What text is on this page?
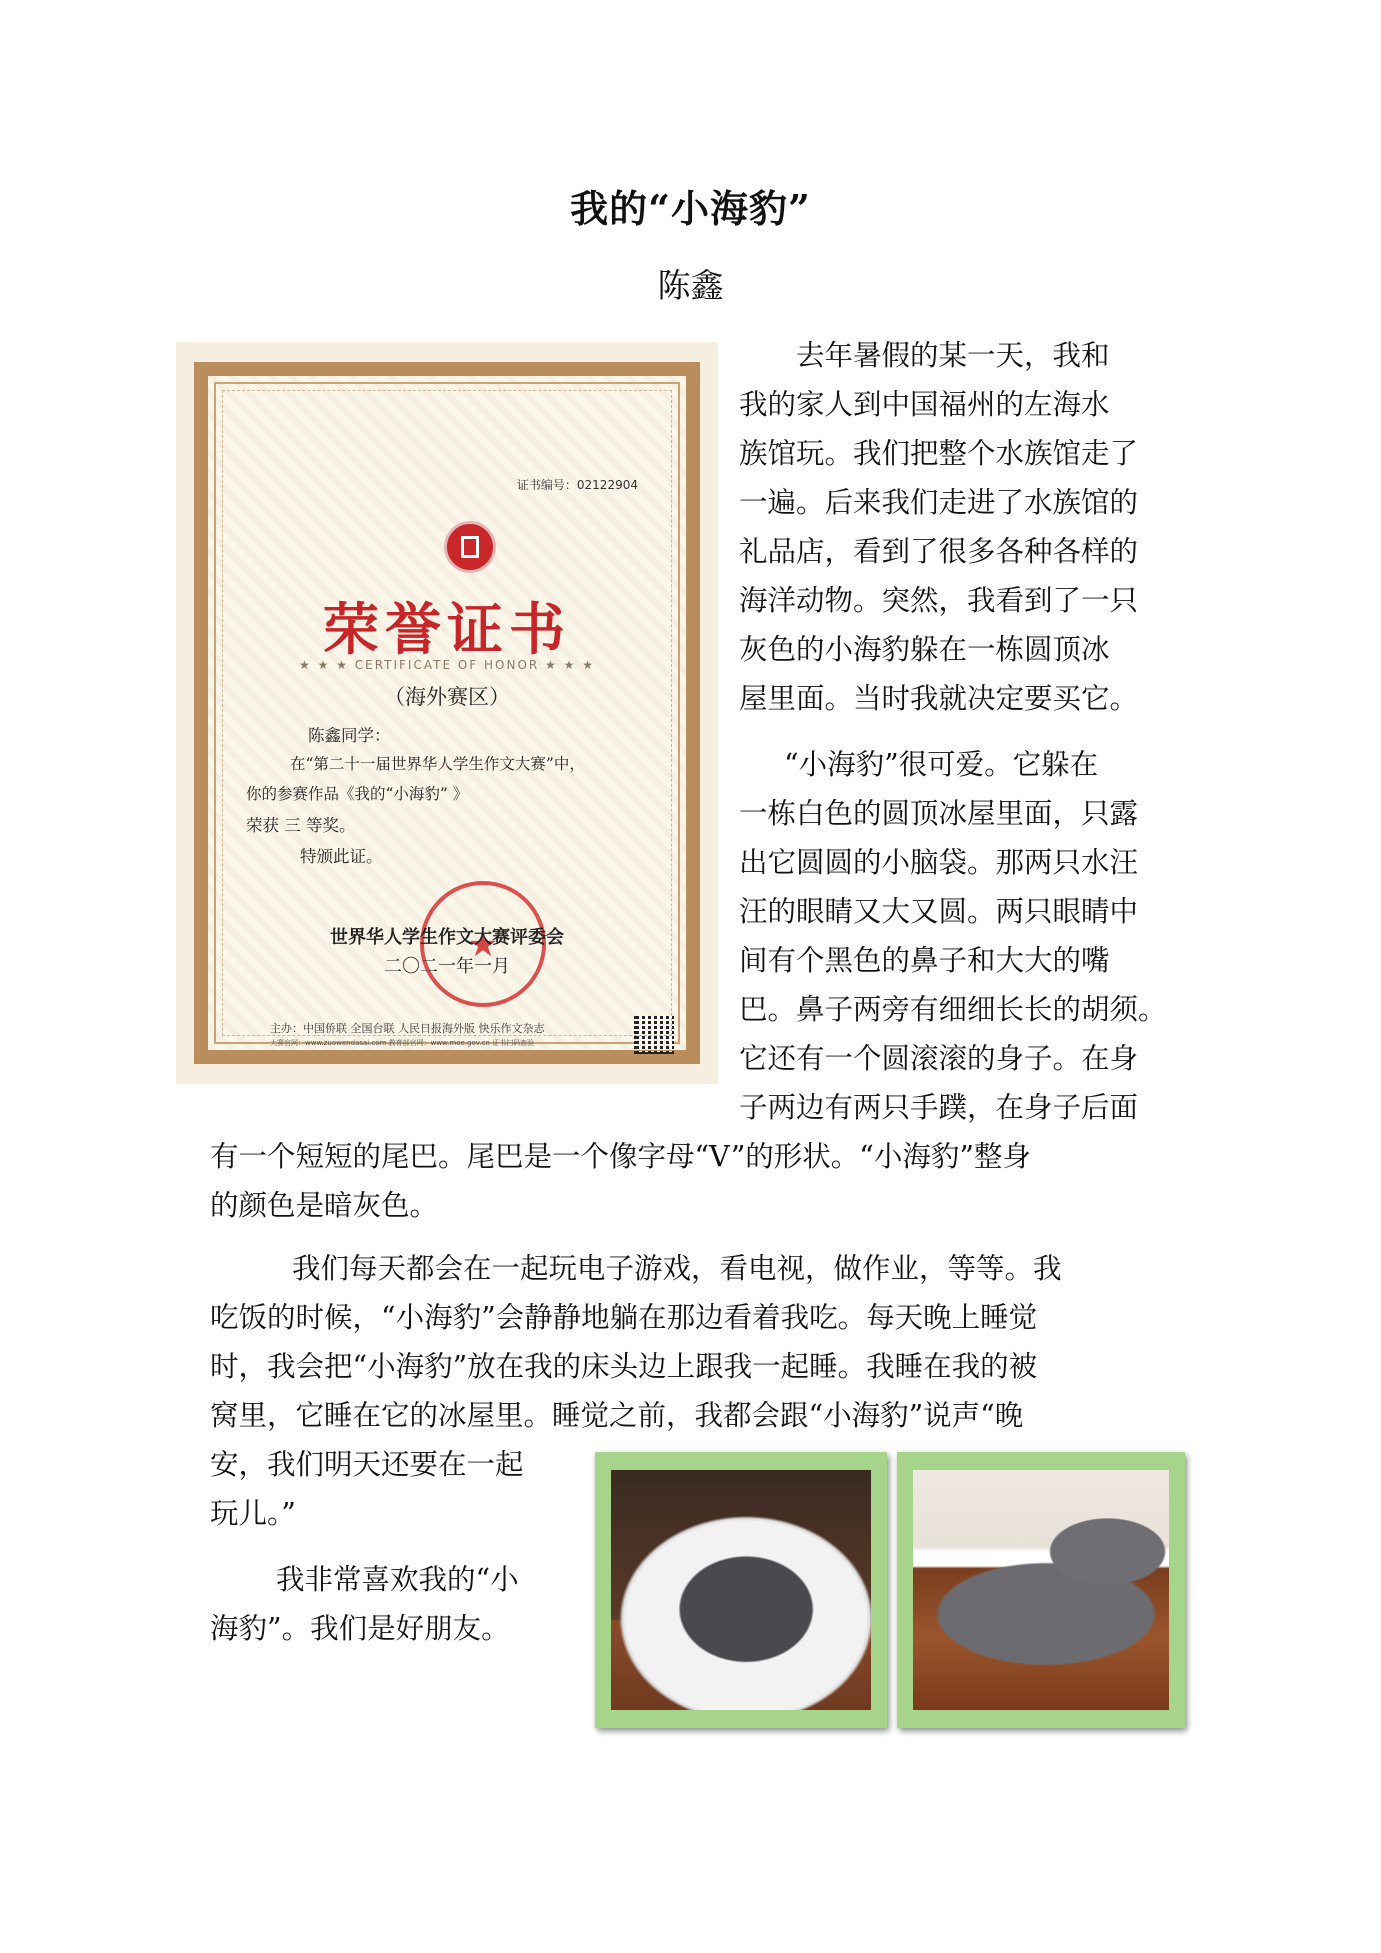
我的“小海豹”
陈鑫
证书编号：02122904
荣誉证书
★ ★ ★ CERTIFICATE OF HONOR ★ ★ ★
（海外赛区）
陈鑫同学：
在“第二十一届世界华人学生作文大赛”中，
你的参赛作品《我的“小海豹” 》
荣获 三 等奖。
特颁此证。
★
世界华人学生作文大赛评委会
二〇二一年一月
主办：中国侨联 全国台联 人民日报海外版 快乐作文杂志
大赛官网：www.zuowendasai.com 教育部官网：www.moe.gov.cn 证书扫码查验
去年暑假的某一天，我和
我的家人到中国福州的左海水
族馆玩。我们把整个水族馆走了
一遍。后来我们走进了水族馆的
礼品店，看到了很多各种各样的
海洋动物。突然，我看到了一只
灰色的小海豹躲在一栋圆顶冰
屋里面。当时我就决定要买它。
“小海豹”很可爱。它躲在
一栋白色的圆顶冰屋里面，只露
出它圆圆的小脑袋。那两只水汪
汪的眼睛又大又圆。两只眼睛中
间有个黑色的鼻子和大大的嘴
巴。鼻子两旁有细细长长的胡须。
它还有一个圆滚滚的身子。在身
子两边有两只手蹼，在身子后面
有一个短短的尾巴。尾巴是一个像字母“V”的形状。“小海豹”整身
的颜色是暗灰色。
我们每天都会在一起玩电子游戏，看电视，做作业，等等。我
吃饭的时候，“小海豹”会静静地躺在那边看着我吃。每天晚上睡觉
时，我会把“小海豹”放在我的床头边上跟我一起睡。我睡在我的被
窝里，它睡在它的冰屋里。睡觉之前，我都会跟“小海豹”说声“晚
安，我们明天还要在一起
玩儿。”
我非常喜欢我的“小
海豹”。我们是好朋友。
